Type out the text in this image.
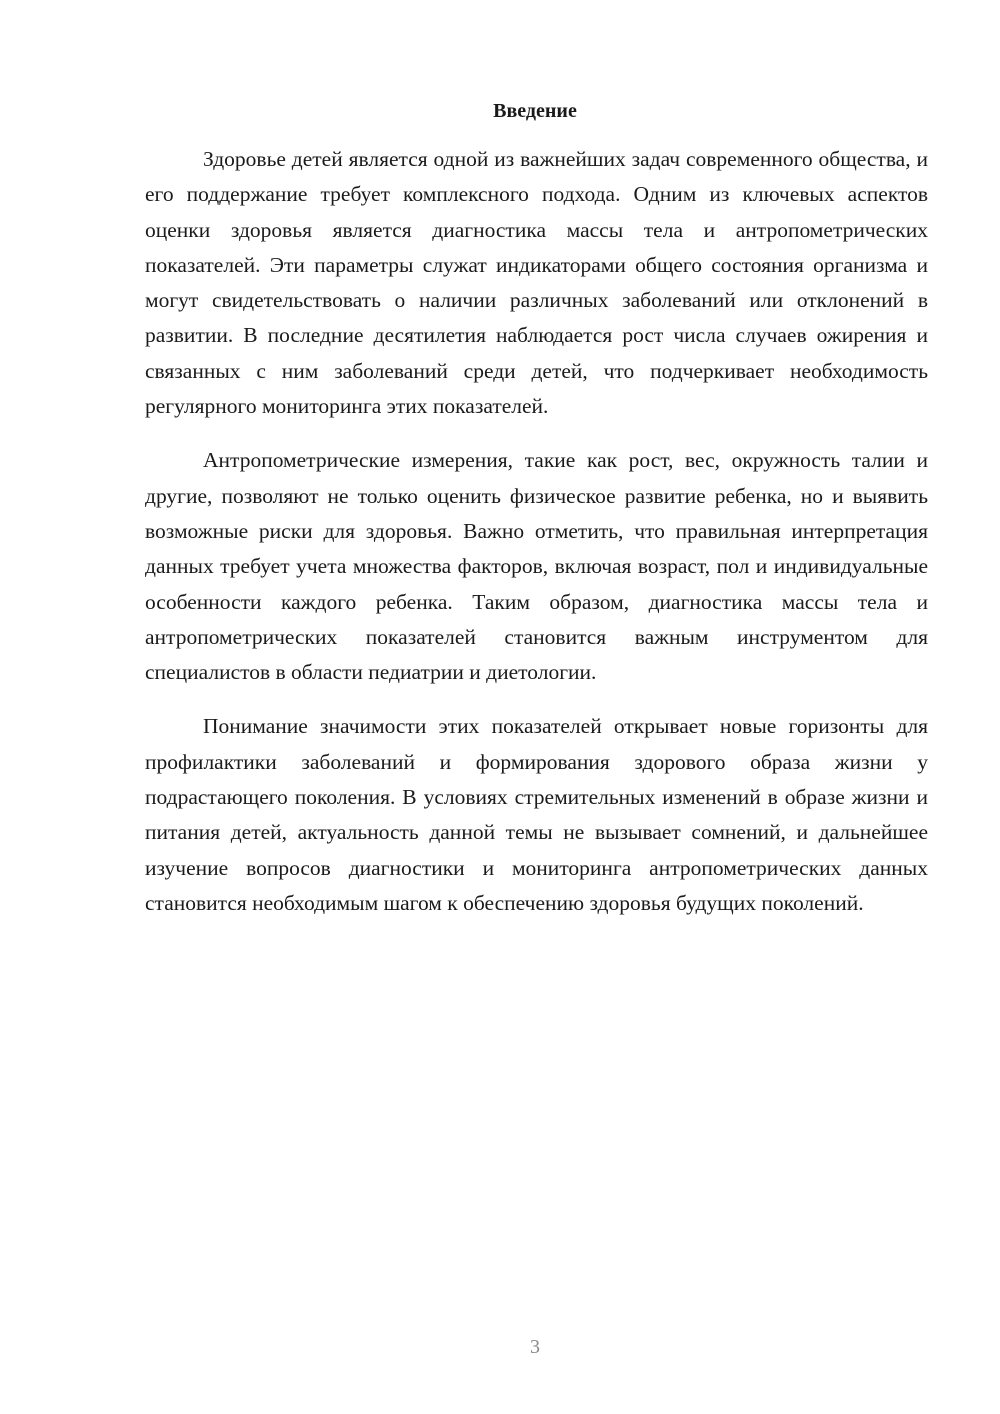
Введение

Здоровье детей является одной из важнейших задач современного общества, и его поддержание требует комплексного подхода. Одним из ключевых аспектов оценки здоровья является диагностика массы тела и антропометрических показателей. Эти параметры служат индикаторами общего состояния организма и могут свидетельствовать о наличии различных заболеваний или отклонений в развитии. В последние десятилетия наблюдается рост числа случаев ожирения и связанных с ним заболеваний среди детей, что подчеркивает необходимость регулярного мониторинга этих показателей.

Антропометрические измерения, такие как рост, вес, окружность талии и другие, позволяют не только оценить физическое развитие ребенка, но и выявить возможные риски для здоровья. Важно отметить, что правильная интерпретация данных требует учета множества факторов, включая возраст, пол и индивидуальные особенности каждого ребенка. Таким образом, диагностика массы тела и антропометрических показателей становится важным инструментом для специалистов в области педиатрии и диетологии.

Понимание значимости этих показателей открывает новые горизонты для профилактики заболеваний и формирования здорового образа жизни у подрастающего поколения. В условиях стремительных изменений в образе жизни и питания детей, актуальность данной темы не вызывает сомнений, и дальнейшее изучение вопросов диагностики и мониторинга антропометрических данных становится необходимым шагом к обеспечению здоровья будущих поколений.

3
